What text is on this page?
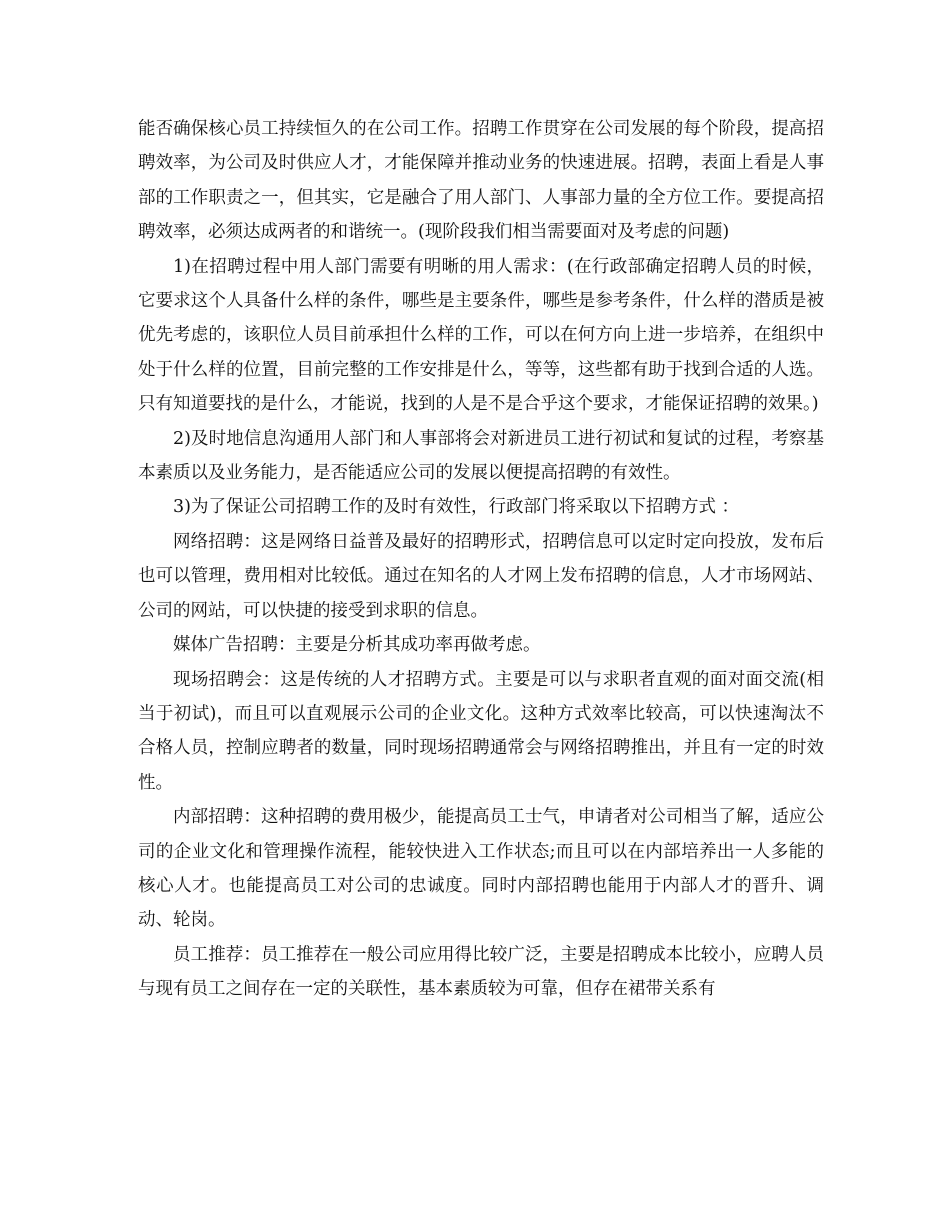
能否确保核心员工持续恒久的在公司工作。招聘工作贯穿在公司发展的每个阶段，提高招聘效率，为公司及时供应人才，才能保障并推动业务的快速进展。招聘，表面上看是人事部的工作职责之一，但其实，它是融合了用人部门、人事部力量的全方位工作。要提高招聘效率，必须达成两者的和谐统一。(现阶段我们相当需要面对及考虑的问题)

1)在招聘过程中用人部门需要有明晰的用人需求：(在行政部确定招聘人员的时候，它要求这个人具备什么样的条件，哪些是主要条件，哪些是参考条件，什么样的潜质是被优先考虑的，该职位人员目前承担什么样的工作，可以在何方向上进一步培养，在组织中处于什么样的位置，目前完整的工作安排是什么，等等，这些都有助于找到合适的人选。只有知道要找的是什么，才能说，找到的人是不是合乎这个要求，才能保证招聘的效果。)

2)及时地信息沟通用人部门和人事部将会对新进员工进行初试和复试的过程，考察基本素质以及业务能力，是否能适应公司的发展以便提高招聘的有效性。

3)为了保证公司招聘工作的及时有效性，行政部门将采取以下招聘方式 ：

网络招聘：这是网络日益普及最好的招聘形式，招聘信息可以定时定向投放，发布后也可以管理，费用相对比较低。通过在知名的人才网上发布招聘的信息，人才市场网站、公司的网站，可以快捷的接受到求职的信息。

媒体广告招聘：主要是分析其成功率再做考虑。

现场招聘会：这是传统的人才招聘方式。主要是可以与求职者直观的面对面交流(相当于初试)，而且可以直观展示公司的企业文化。这种方式效率比较高，可以快速淘汰不合格人员，控制应聘者的数量，同时现场招聘通常会与网络招聘推出，并且有一定的时效性。

内部招聘：这种招聘的费用极少，能提高员工士气，申请者对公司相当了解，适应公司的企业文化和管理操作流程，能较快进入工作状态;而且可以在内部培养出一人多能的核心人才。也能提高员工对公司的忠诚度。同时内部招聘也能用于内部人才的晋升、调动、轮岗。

员工推荐：员工推荐在一般公司应用得比较广泛，主要是招聘成本比较小，应聘人员与现有员工之间存在一定的关联性，基本素质较为可靠，但存在裙带关系有
